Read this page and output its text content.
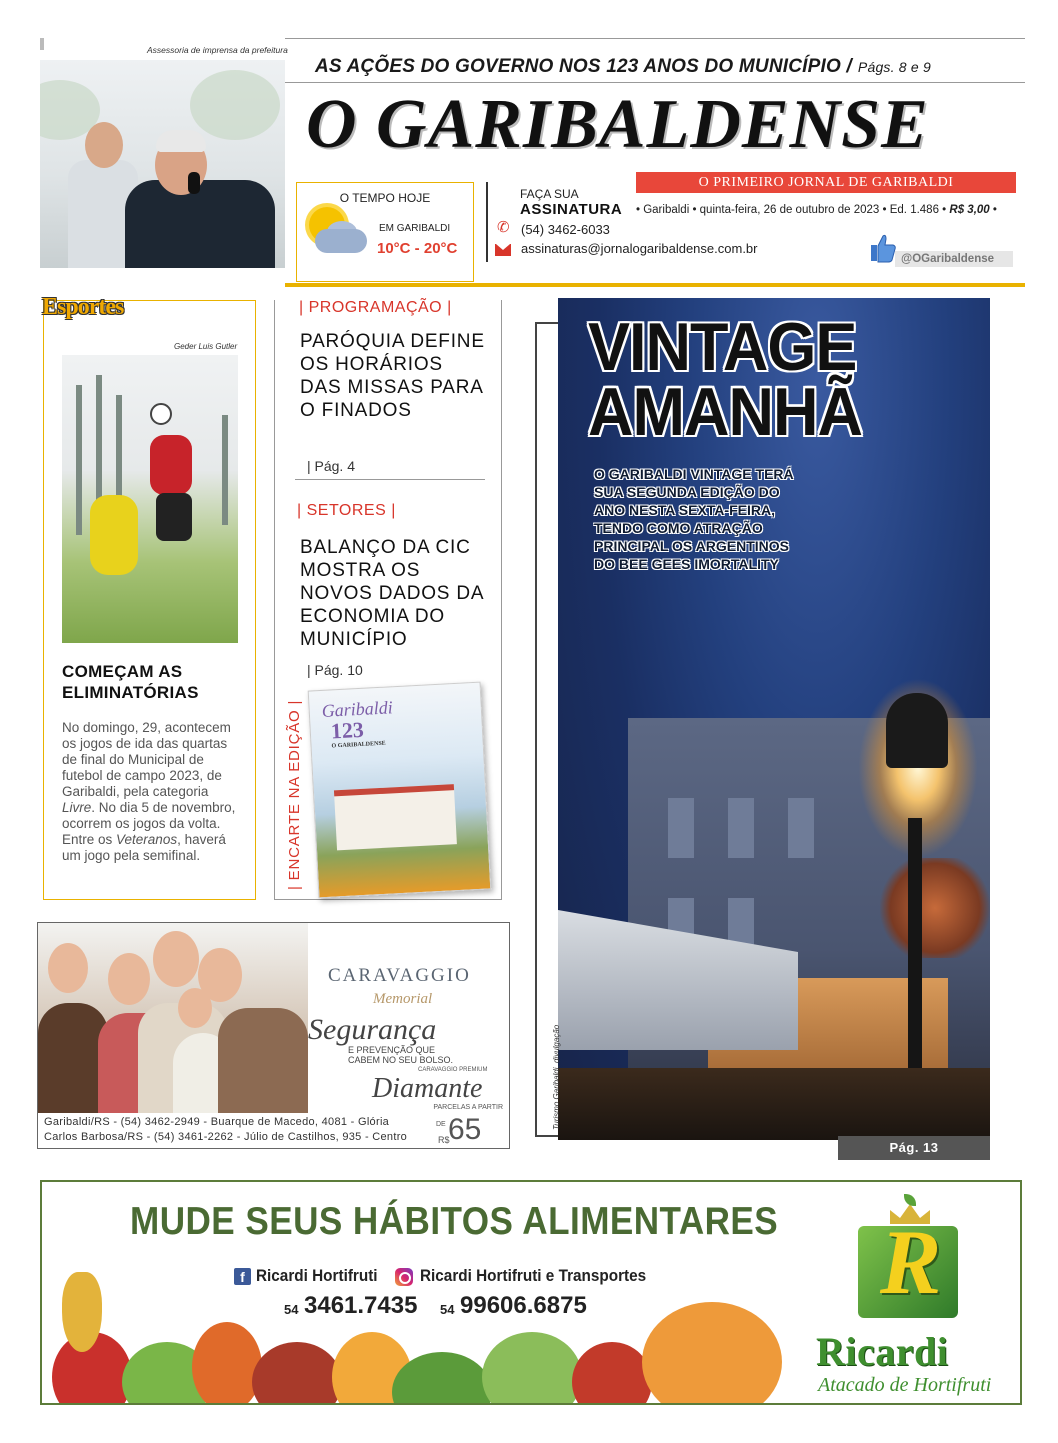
Assessoria de imprensa da prefeitura
AS AÇÕES DO GOVERNO NOS 123 ANOS DO MUNICÍPIO / Págs. 8 e 9
O GARIBALDENSE
O PRIMEIRO JORNAL DE GARIBALDI
O TEMPO HOJE
EM GARIBALDI
10°C - 20°C
FAÇA SUA
ASSINATURA
✆ (54) 3462-6033
assinaturas@jornalogaribaldense.com.br
• Garibaldi • quinta-feira, 26 de outubro de 2023 • Ed. 1.486 • R$ 3,00 •
@OGaribaldense
Esportes
Geder Luis Gutler
COMEÇAM AS
ELIMINATÓRIAS
No domingo, 29, acontecem os jogos de ida das quartas de final do Municipal de futebol de campo 2023, de Garibaldi, pela categoria Livre. No dia 5 de novembro, ocorrem os jogos da volta. Entre os Veteranos, haverá um jogo pela semifinal.
| PROGRAMAÇÃO |
PARÓQUIA DEFINE OS HORÁRIOS DAS MISSAS PARA O FINADOS
| Pág. 4
| SETORES |
BALANÇO DA CIC MOSTRA OS NOVOS DADOS DA ECONOMIA DO MUNICÍPIO
| Pág. 10
| ENCARTE NA EDIÇÃO | Garibaldi
123
O GARIBALDENSE
VINTAGE
AMANHÃ
O GARIBALDI VINTAGE TERÁ SUA SEGUNDA EDIÇÃO DO ANO NESTA SEXTA-FEIRA, TENDO COMO ATRAÇÃO PRINCIPAL OS ARGENTINOS DO BEE GEES IMORTALITY
Turismo Garibaldi, divulgação
Pág. 13
CARAVAGGIO
Memorial
Segurança
E PREVENÇÃO QUE CABEM NO SEU BOLSO.
CARAVAGGIO PREMIUM
Diamante
PARCELAS A PARTIR
DE
R$
65
Garibaldi/RS - (54) 3462-2949 - Buarque de Macedo, 4081 - Glória
Carlos Barbosa/RS - (54) 3461-2262 - Júlio de Castilhos, 935 - Centro
MUDE SEUS HÁBITOS ALIMENTARES
f Ricardi Hortifruti Ricardi Hortifruti e Transportes
54 3461.7435 54 99606.6875	R
Ricardi
Atacado de Hortifruti
